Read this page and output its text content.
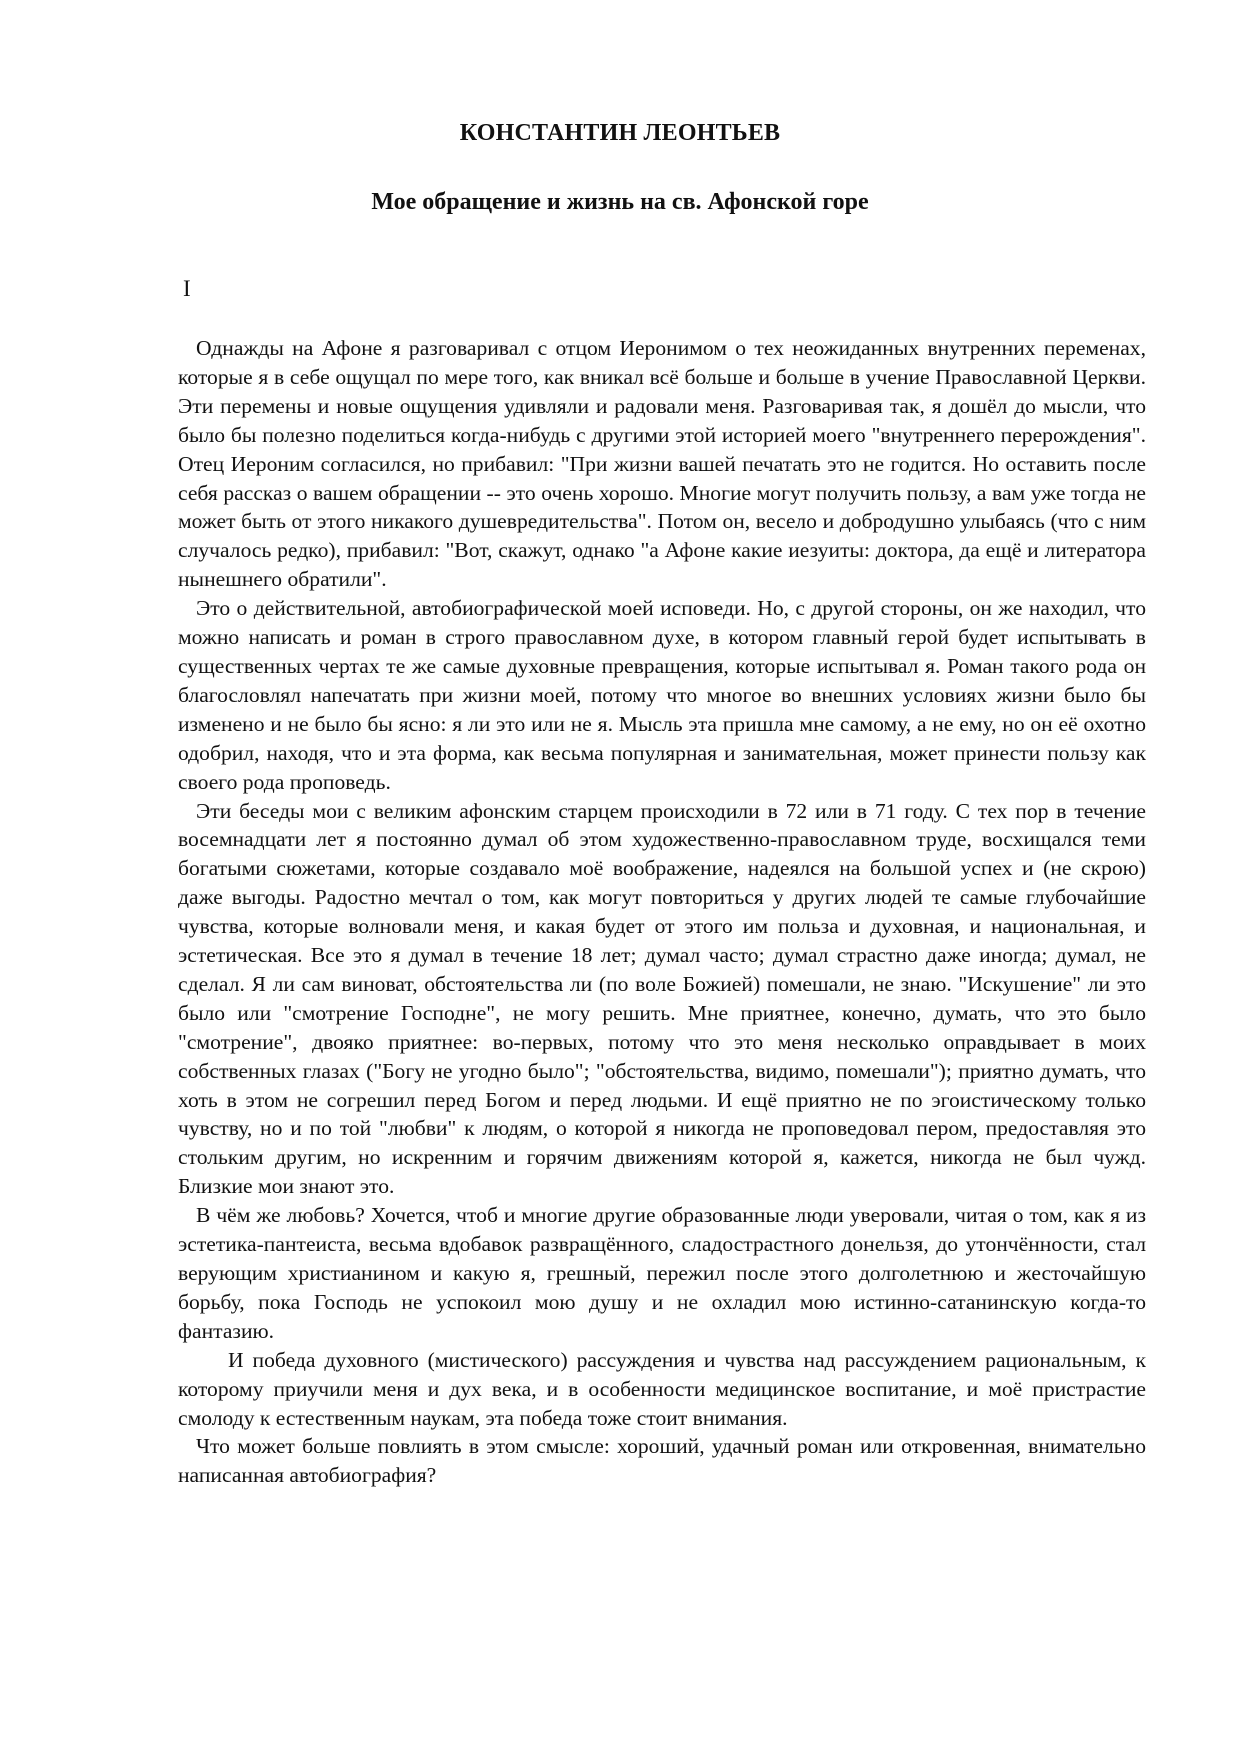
КОНСТАНТИН ЛЕОНТЬЕВ
Мое обращение и жизнь на св. Афонской горе
I

Однажды на Афоне я разговаривал с отцом Иеронимом о тех неожиданных внутренних переменах, которые я в себе ощущал по мере того, как вникал всё больше и больше в учение Православной Церкви. Эти перемены и новые ощущения удивляли и радовали меня. Разговаривая так, я дошёл до мысли, что было бы полезно поделиться когда-нибудь с другими этой историей моего "внутреннего перерождения". Отец Иероним согласился, но прибавил: "При жизни вашей печатать это не годится. Но оставить после себя рассказ о вашем обращении -- это очень хорошо. Многие могут получить пользу, а вам уже тогда не может быть от этого никакого душевредительства". Потом он, весело и добродушно улыбаясь (что с ним случалось редко), прибавил: "Вот, скажут, однако "а Афоне какие иезуиты: доктора, да ещё и литератора нынешнего обратили".

Это о действительной, автобиографической моей исповеди. Но, с другой стороны, он же находил, что можно написать и роман в строго православном духе, в котором главный герой будет испытывать в существенных чертах те же самые духовные превращения, которые испытывал я. Роман такого рода он благословлял напечатать при жизни моей, потому что многое во внешних условиях жизни было бы изменено и не было бы ясно: я ли это или не я. Мысль эта пришла мне самому, а не ему, но он её охотно одобрил, находя, что и эта форма, как весьма популярная и занимательная, может принести пользу как своего рода проповедь.

Эти беседы мои с великим афонским старцем происходили в 72 или в 71 году. С тех пор в течение восемнадцати лет я постоянно думал об этом художественно-православном труде, восхищался теми богатыми сюжетами, которые создавало моё воображение, надеялся на большой успех и (не скрою) даже выгоды. Радостно мечтал о том, как могут повториться у других людей те самые глубочайшие чувства, которые волновали меня, и какая будет от этого им польза и духовная, и национальная, и эстетическая. Все это я думал в течение 18 лет; думал часто; думал страстно даже иногда; думал, не сделал. Я ли сам виноват, обстоятельства ли (по воле Божией) помешали, не знаю. "Искушение" ли это было или "смотрение Господне", не могу решить. Мне приятнее, конечно, думать, что это было "смотрение", двояко приятнее: во-первых, потому что это меня несколько оправдывает в моих собственных глазах ("Богу не угодно было"; "обстоятельства, видимо, помешали"); приятно думать, что хоть в этом не согрешил перед Богом и перед людьми. И ещё приятно не по эгоистическому только чувству, но и по той "любви" к людям, о которой я никогда не проповедовал пером, предоставляя это стольким другим, но искренним и горячим движениям которой я, кажется, никогда не был чужд. Близкие мои знают это.

В чём же любовь? Хочется, чтоб и многие другие образованные люди уверовали, читая о том, как я из эстетика-пантеиста, весьма вдобавок развращённого, сладострастного донельзя, до утончённости, стал верующим христианином и какую я, грешный, пережил после этого долголетнюю и жесточайшую борьбу, пока Господь не успокоил мою душу и не охладил мою истинно-сатанинскую когда-то фантазию.

И победа духовного (мистического) рассуждения и чувства над рассуждением рациональным, к которому приучили меня и дух века, и в особенности медицинское воспитание, и моё пристрастие смолоду к естественным наукам, эта победа тоже стоит внимания.

Что может больше повлиять в этом смысле: хороший, удачный роман или откровенная, внимательно написанная автобиография?
